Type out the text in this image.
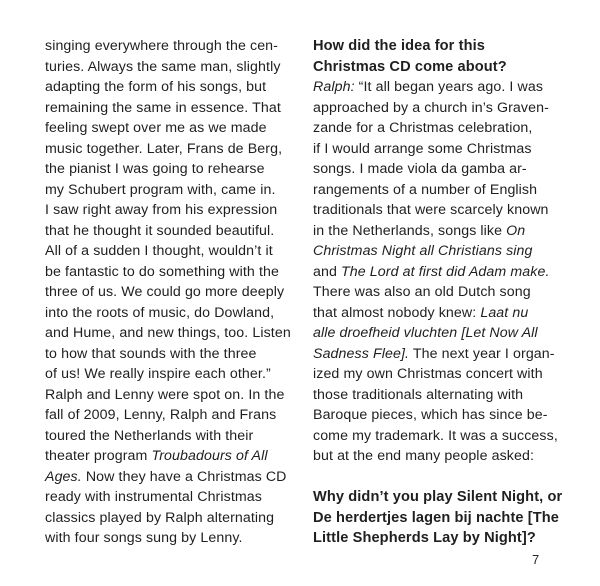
singing everywhere through the cen-
turies. Always the same man, slightly
adapting the form of his songs, but
remaining the same in essence. That
feeling swept over me as we made
music together. Later, Frans de Berg,
the pianist I was going to rehearse
my Schubert program with, came in.
I saw right away from his expression
that he thought it sounded beautiful.
All of a sudden I thought, wouldn’t it
be fantastic to do something with the
three of us. We could go more deeply
into the roots of music, do Dowland,
and Hume, and new things, too. Listen
to how that sounds with the three
of us! We really inspire each other.”
Ralph and Lenny were spot on. In the
fall of 2009, Lenny, Ralph and Frans
toured the Netherlands with their
theater program Troubadours of All
Ages. Now they have a Christmas CD
ready with instrumental Christmas
classics played by Ralph alternating
with four songs sung by Lenny.
How did the idea for this
Christmas CD come about?
Ralph: “It all began years ago. I was
approached by a church in’s Graven-
zande for a Christmas celebration,
if I would arrange some Christmas
songs. I made viola da gamba ar-
rangements of a number of English
traditionals that were scarcely known
in the Netherlands, songs like On
Christmas Night all Christians sing
and The Lord at first did Adam make.
There was also an old Dutch song
that almost nobody knew: Laat nu
alle droefheid vluchten [Let Now All
Sadness Flee]. The next year I organ-
ized my own Christmas concert with
those traditionals alternating with
Baroque pieces, which has since be-
come my trademark. It was a success,
but at the end many people asked:
Why didn’t you play Silent Night, or
De herdertjes lagen bij nachte [The
Little Shepherds Lay by Night]?
7
